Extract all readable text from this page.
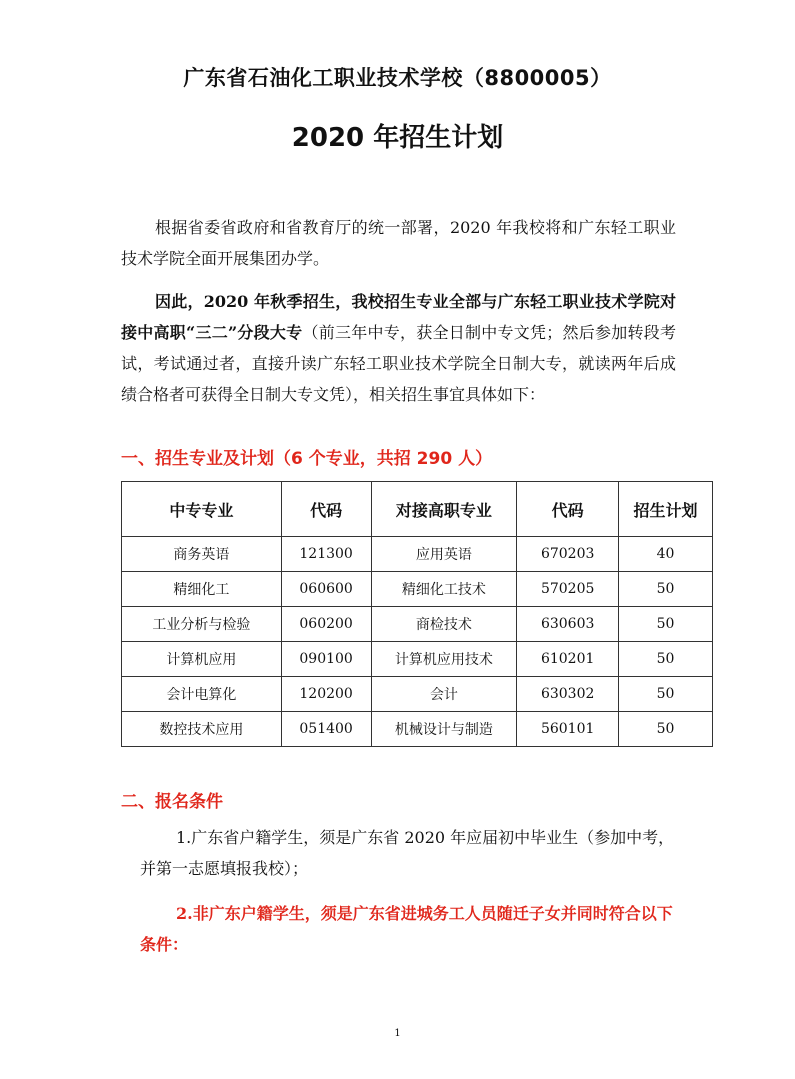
广东省石油化工职业技术学校（8800005）
2020 年招生计划
根据省委省政府和省教育厅的统一部署，2020 年我校将和广东轻工职业技术学院全面开展集团办学。
因此，2020 年秋季招生，我校招生专业全部与广东轻工职业技术学院对接中高职“三二”分段大专（前三年中专，获全日制中专文凭；然后参加转段考试，考试通过者，直接升读广东轻工职业技术学院全日制大专，就读两年后成绩合格者可获得全日制大专文凭），相关招生事宜具体如下：
一、招生专业及计划（6 个专业，共招 290 人）
中专专业	代码	对接高职专业	代码	招生计划
商务英语	121300	应用英语	670203	40
精细化工	060600	精细化工技术	570205	50
工业分析与检验	060200	商检技术	630603	50
计算机应用	090100	计算机应用技术	610201	50
会计电算化	120200	会计	630302	50
数控技术应用	051400	机械设计与制造	560101	50
二、报名条件
1.广东省户籍学生，须是广东省 2020 年应届初中毕业生（参加中考，并第一志愿填报我校）；
2.非广东户籍学生，须是广东省进城务工人员随迁子女并同时符合以下条件：
1
